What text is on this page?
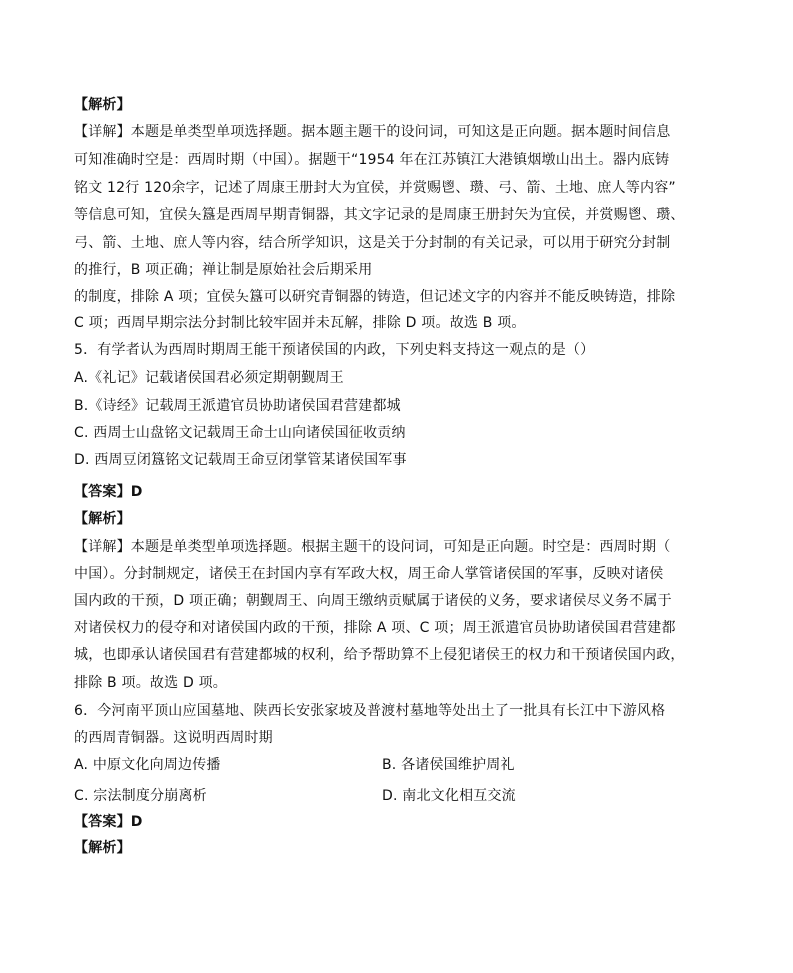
【解析】
【详解】本题是单类型单项选择题。据本题主题干的设问词，可知这是正向题。据本题时间信息
可知准确时空是：西周时期（中国）。据题干“1954 年在江苏镇江大港镇烟墩山出土。器内底铸
铭文 12行 120余字，记述了周康王册封大为宜侯，并赏赐鬯、瓒、弓、箭、土地、庶人等内容”
等信息可知，宜侯夨簋是西周早期青铜器，其文字记录的是周康王册封矢为宜侯，并赏赐鬯、瓒、
弓、箭、土地、庶人等内容，结合所学知识，这是关于分封制的有关记录，可以用于研究分封制
的推行，B 项正确；禅让制是原始社会后期采用
的制度，排除 A 项；宜侯夨簋可以研究青铜器的铸造，但记述文字的内容并不能反映铸造，排除
C 项；西周早期宗法分封制比较牢固并未瓦解，排除 D 项。故选 B 项。
5．有学者认为西周时期周王能干预诸侯国的内政，下列史料支持这一观点的是（）
A.《礼记》记载诸侯国君必须定期朝觐周王
B.《诗经》记载周王派遣官员协助诸侯国君营建都城
C. 西周士山盘铭文记载周王命士山向诸侯国征收贡纳
D. 西周豆闭簋铭文记载周王命豆闭掌管某诸侯国军事
【答案】D
【解析】
【详解】本题是单类型单项选择题。根据主题干的设问词，可知是正向题。时空是：西周时期（
中国）。分封制规定，诸侯王在封国内享有军政大权，周王命人掌管诸侯国的军事，反映对诸侯
国内政的干预，D 项正确；朝觐周王、向周王缴纳贡赋属于诸侯的义务，要求诸侯尽义务不属于
对诸侯权力的侵夺和对诸侯国内政的干预，排除 A 项、C 项；周王派遣官员协助诸侯国君营建都
城，也即承认诸侯国君有营建都城的权利，给予帮助算不上侵犯诸侯王的权力和干预诸侯国内政，
排除 B 项。故选 D 项。
6．今河南平顶山应国墓地、陕西长安张家坡及普渡村墓地等处出土了一批具有长江中下游风格
的西周青铜器。这说明西周时期
A. 中原文化向周边传播	B. 各诸侯国维护周礼
C. 宗法制度分崩离析	D. 南北文化相互交流
【答案】D
【解析】
